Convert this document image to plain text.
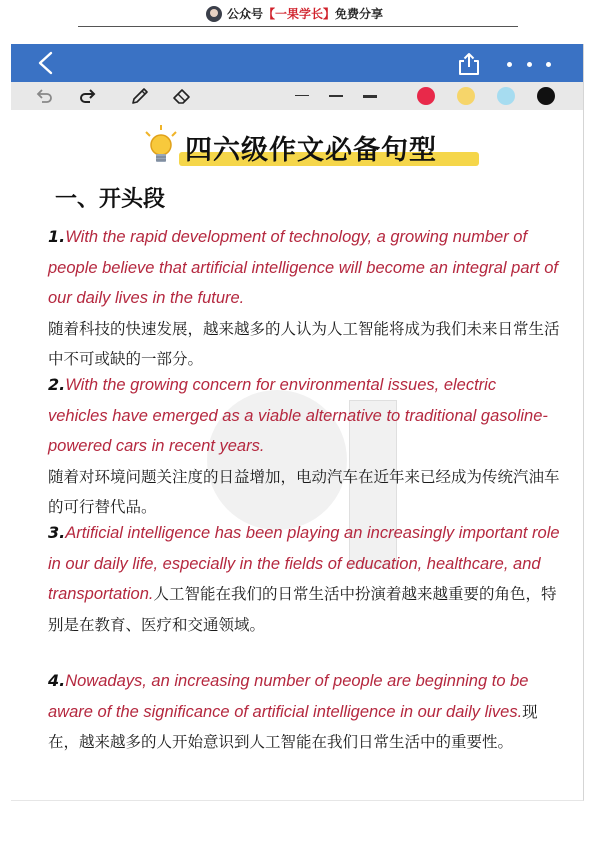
公众号 【一果学长】 免费分享
四六级作文必备句型
一、开头段
1.With the rapid development of technology, a growing number of people believe that artificial intelligence will become an integral part of our daily lives in the future.
随着科技的快速发展，越来越多的人认为人工智能将成为我们未来日常生活中不可或缺的一部分。
2.With the growing concern for environmental issues, electric vehicles have emerged as a viable alternative to traditional gasoline-powered cars in recent years.
随着对环境问题关注度的日益增加，电动汽车在近年来已经成为传统汽油车的可行替代品。
3.Artificial intelligence has been playing an increasingly important role in our daily life, especially in the fields of education, healthcare, and transportation.人工智能在我们的日常生活中扮演着越来越重要的角色，特别是在教育、医疗和交通领域。
4.Nowadays, an increasing number of people are beginning to be aware of the significance of artificial intelligence in our daily lives.现在，越来越多的人开始意识到人工智能在我们日常生活中的重要性。
